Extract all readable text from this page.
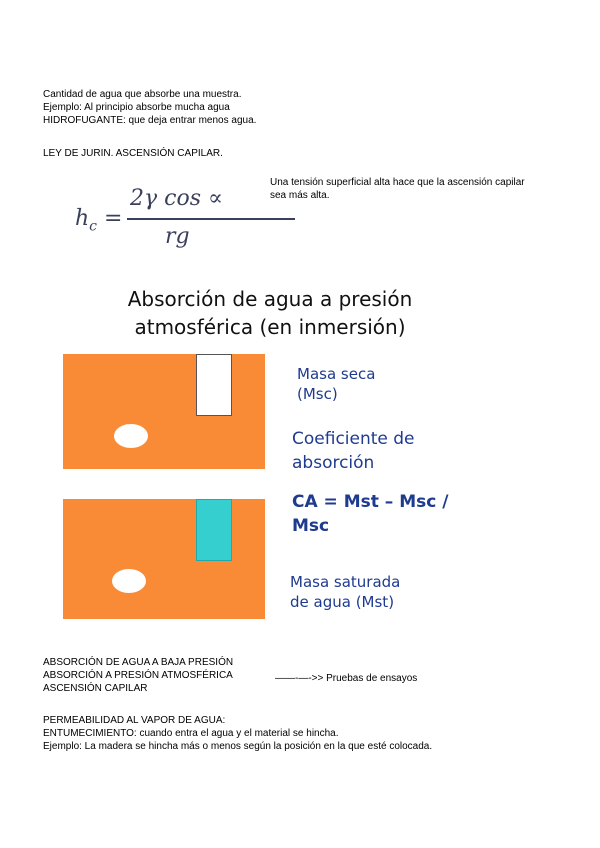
Cantidad de agua que absorbe una muestra.
Ejemplo: Al principio absorbe mucha agua
HIDROFUGANTE: que deja entrar menos agua.
LEY DE JURIN. ASCENSIÓN CAPILAR.
Una tensión superficial alta hace que la ascensión capilar sea más alta.
$h_c$ =
2γ cos ∝
rg
Absorción de agua a presión
atmosférica (en inmersión)
Masa seca
(Msc)
Coeficiente de
absorción
CA = Mst – Msc /
Msc
Masa saturada
de agua (Mst)
ABSORCIÓN DE AGUA A BAJA PRESIÓN
ABSORCIÓN A PRESIÓN ATMOSFÉRICA
ASCENSIÓN CAPILAR
——-—->> Pruebas de ensayos
PERMEABILIDAD AL VAPOR DE AGUA:
ENTUMECIMIENTO: cuando entra el agua y el material se hincha.
Ejemplo: La madera se hincha más o menos según la posición en la que esté colocada.
